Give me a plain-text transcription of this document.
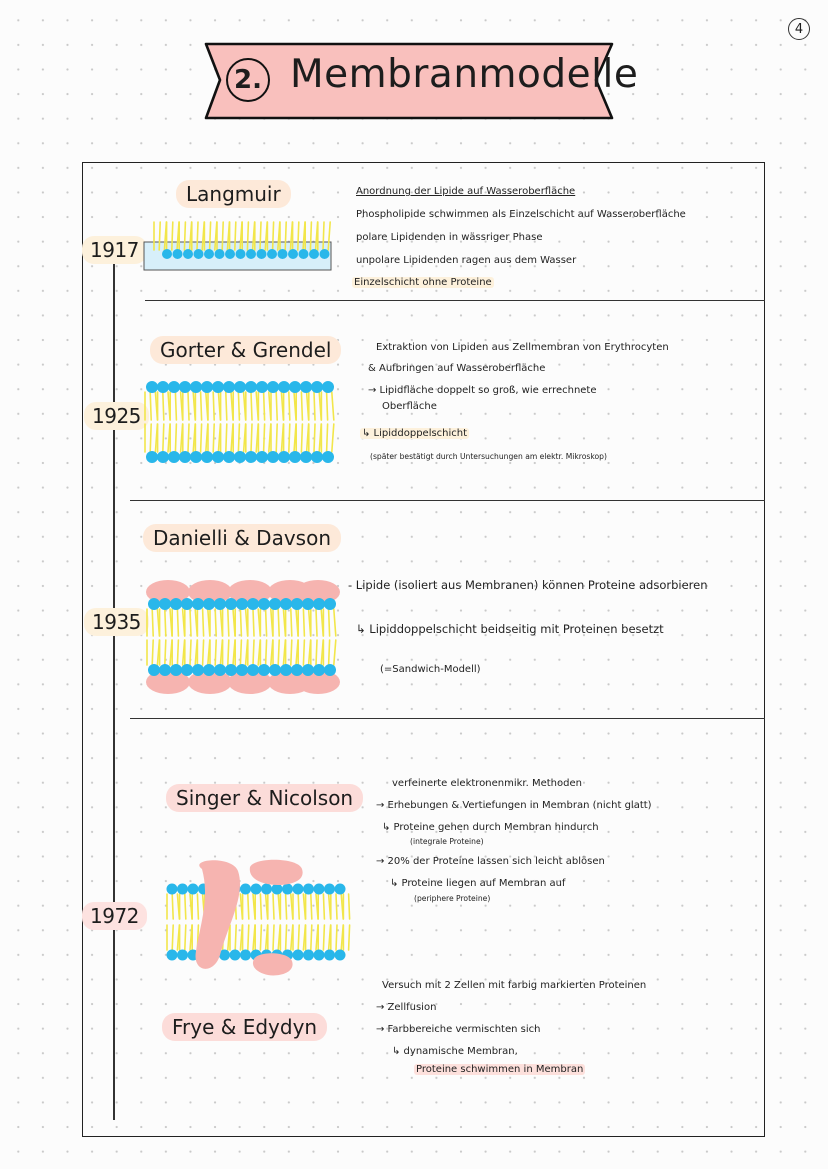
4
2. Membranmodelle
Langmuir
1917
Anordnung der Lipide auf Wasseroberfläche
Phospholipide schwimmen als Einzelschicht auf Wasseroberfläche
polare Lipidenden in wässriger Phase
unpolare Lipidenden ragen aus dem Wasser
Einzelschicht ohne Proteine
Gorter & Grendel
1925
Extraktion von Lipiden aus Zellmembran von Erythrocyten
& Aufbringen auf Wasseroberfläche
→ Lipidfläche doppelt so groß, wie errechnete
Oberfläche
↳ Lipiddoppelschicht
(später bestätigt durch Untersuchungen am elektr. Mikroskop)
Danielli & Davson
1935
- Lipide (isoliert aus Membranen) können Proteine adsorbieren
↳ Lipiddoppelschicht beidseitig mit Proteinen besetzt
(=Sandwich-Modell)
Singer & Nicolson
1972
verfeinerte elektronenmikr. Methoden
→ Erhebungen & Vertiefungen in Membran (nicht glatt)
↳ Proteine gehen durch Membran hindurch
(integrale Proteine)
→ 20% der Proteine lassen sich leicht ablösen
↳ Proteine liegen auf Membran auf
(periphere Proteine)
Frye & Edydyn
Versuch mit 2 Zellen mit farbig markierten Proteinen
→ Zellfusion
→ Farbbereiche vermischten sich
↳ dynamische Membran,
Proteine schwimmen in Membran
